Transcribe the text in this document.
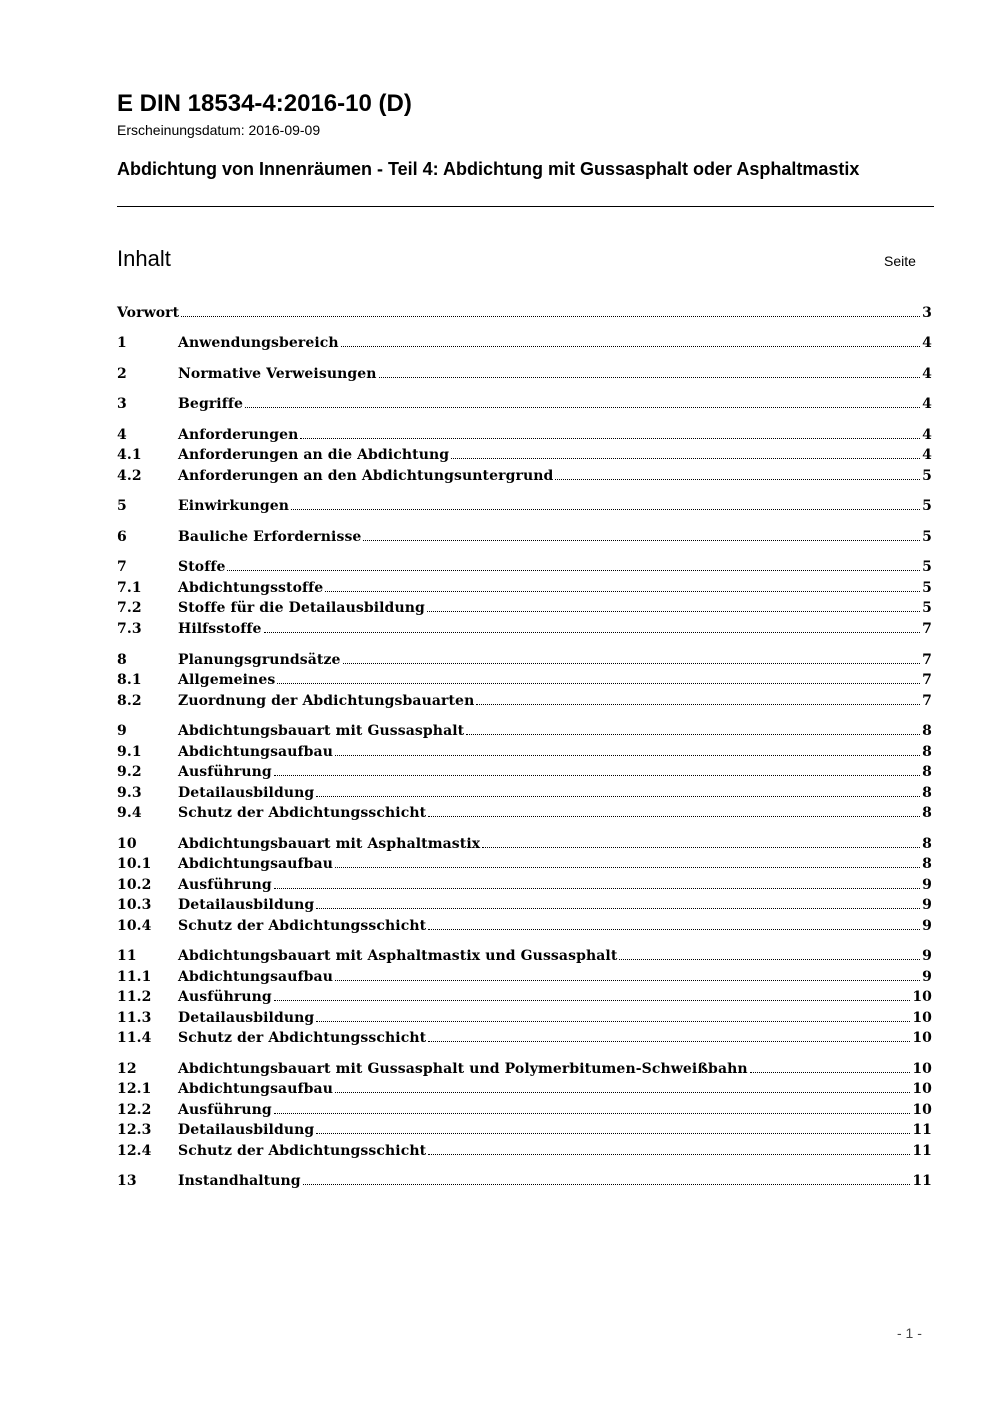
E DIN 18534-4:2016-10 (D)
Erscheinungsdatum: 2016-09-09
Abdichtung von Innenräumen - Teil 4: Abdichtung mit Gussasphalt oder Asphaltmastix
Inhalt	Seite
Vorwort	3
1	Anwendungsbereich	4
2	Normative Verweisungen	4
3	Begriffe	4
4	Anforderungen	4
4.1	Anforderungen an die Abdichtung	4
4.2	Anforderungen an den Abdichtungsuntergrund	5
5	Einwirkungen	5
6	Bauliche Erfordernisse	5
7	Stoffe	5
7.1	Abdichtungsstoffe	5
7.2	Stoffe für die Detailausbildung	5
7.3	Hilfsstoffe	7
8	Planungsgrundsätze	7
8.1	Allgemeines	7
8.2	Zuordnung der Abdichtungsbauarten	7
9	Abdichtungsbauart mit Gussasphalt	8
9.1	Abdichtungsaufbau	8
9.2	Ausführung	8
9.3	Detailausbildung	8
9.4	Schutz der Abdichtungsschicht	8
10	Abdichtungsbauart mit Asphaltmastix	8
10.1	Abdichtungsaufbau	8
10.2	Ausführung	9
10.3	Detailausbildung	9
10.4	Schutz der Abdichtungsschicht	9
11	Abdichtungsbauart mit Asphaltmastix und Gussasphalt	9
11.1	Abdichtungsaufbau	9
11.2	Ausführung	10
11.3	Detailausbildung	10
11.4	Schutz der Abdichtungsschicht	10
12	Abdichtungsbauart mit Gussasphalt und Polymerbitumen-Schweißbahn	10
12.1	Abdichtungsaufbau	10
12.2	Ausführung	10
12.3	Detailausbildung	11
12.4	Schutz der Abdichtungsschicht	11
13	Instandhaltung	11
- 1 -
